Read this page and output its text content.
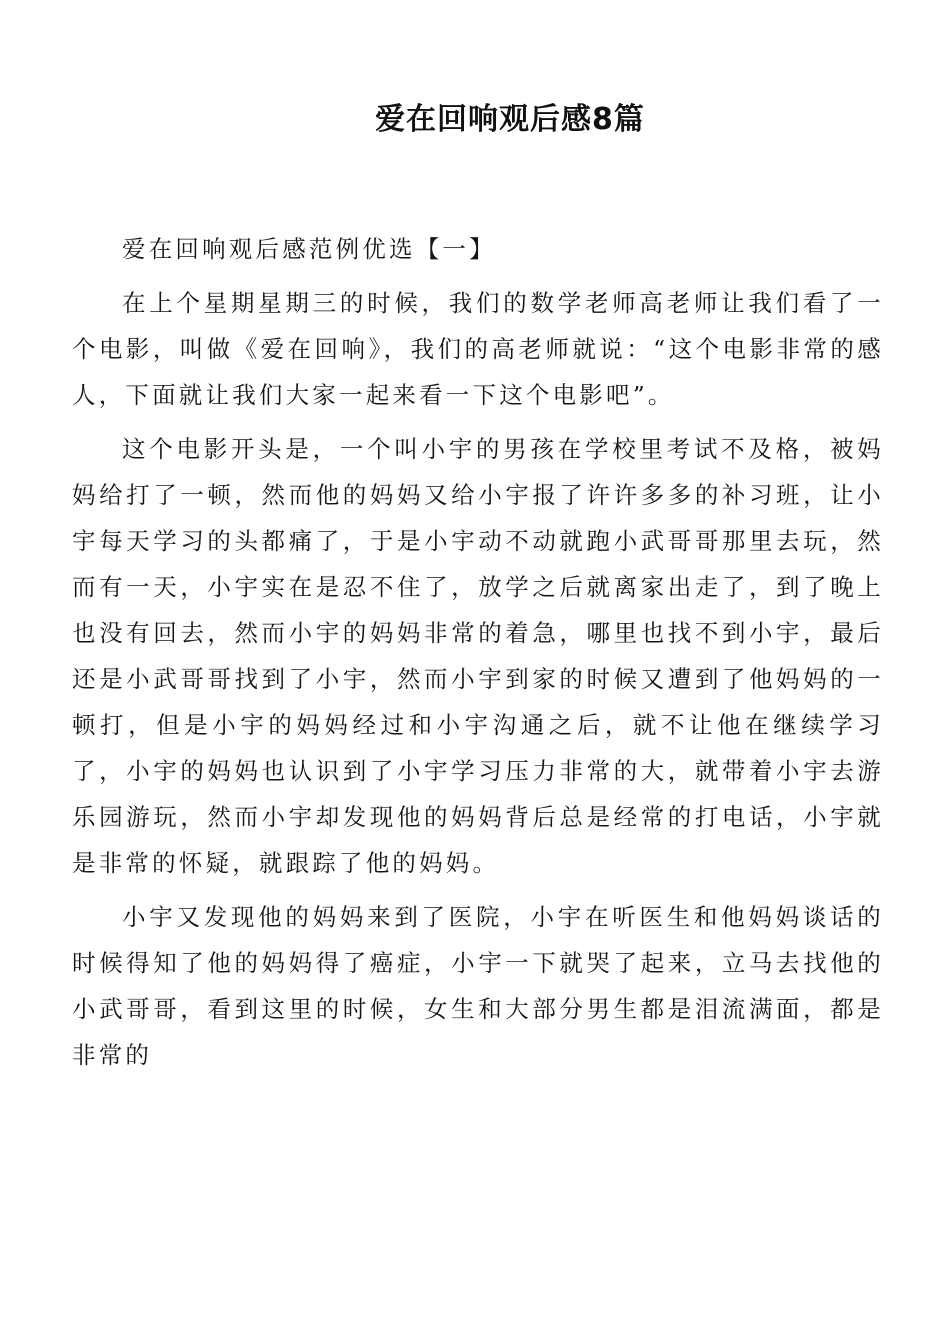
爱在回响观后感8篇

爱在回响观后感范例优选【一】

在上个星期星期三的时候，我们的数学老师高老师让我们看了一个电影，叫做《爱在回响》，我们的高老师就说：“这个电影非常的感人，下面就让我们大家一起来看一下这个电影吧”。

这个电影开头是，一个叫小宇的男孩在学校里考试不及格，被妈妈给打了一顿，然而他的妈妈又给小宇报了许许多多的补习班，让小宇每天学习的头都痛了，于是小宇动不动就跑小武哥哥那里去玩，然而有一天，小宇实在是忍不住了，放学之后就离家出走了，到了晚上也没有回去，然而小宇的妈妈非常的着急，哪里也找不到小宇，最后还是小武哥哥找到了小宇，然而小宇到家的时候又遭到了他妈妈的一顿打，但是小宇的妈妈经过和小宇沟通之后，就不让他在继续学习了，小宇的妈妈也认识到了小宇学习压力非常的大，就带着小宇去游乐园游玩，然而小宇却发现他的妈妈背后总是经常的打电话，小宇就是非常的怀疑，就跟踪了他的妈妈。

小宇又发现他的妈妈来到了医院，小宇在听医生和他妈妈谈话的时候得知了他的妈妈得了癌症，小宇一下就哭了起来，立马去找他的小武哥哥，看到这里的时候，女生和大部分男生都是泪流满面，都是非常的
